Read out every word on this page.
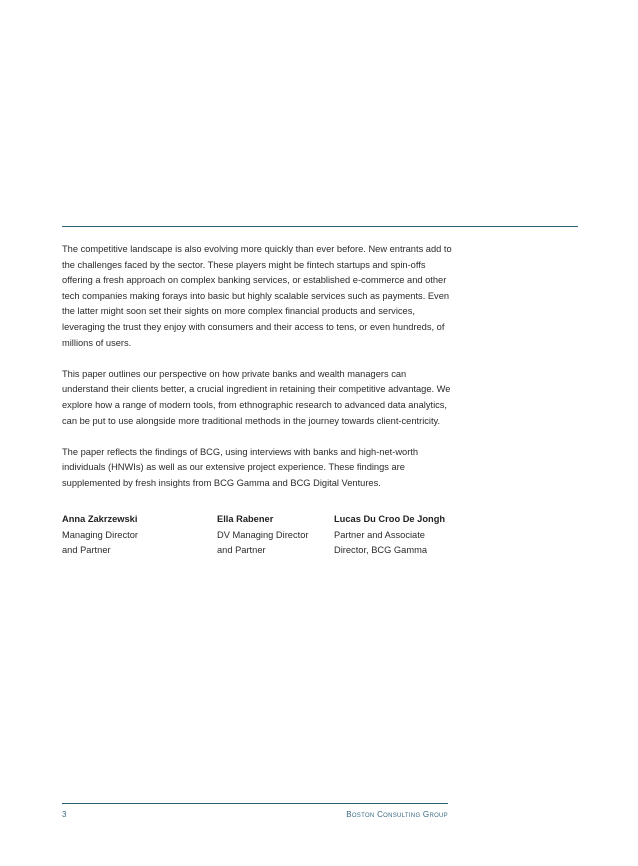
The competitive landscape is also evolving more quickly than ever before. New entrants add to the challenges faced by the sector. These players might be fintech startups and spin-offs offering a fresh approach on complex banking services, or established e-commerce and other tech companies making forays into basic but highly scalable services such as payments. Even the latter might soon set their sights on more complex financial products and services, leveraging the trust they enjoy with consumers and their access to tens, or even hundreds, of millions of users.

This paper outlines our perspective on how private banks and wealth managers can understand their clients better, a crucial ingredient in retaining their competitive advantage. We explore how a range of modern tools, from ethnographic research to advanced data analytics, can be put to use alongside more traditional methods in the journey towards client-centricity.

The paper reflects the findings of BCG, using interviews with banks and high-net-worth individuals (HNWIs) as well as our extensive project experience. These findings are supplemented by fresh insights from BCG Gamma and BCG Digital Ventures.

Anna Zakrzewski
Managing Director
and Partner
Ella Rabener
DV Managing Director
and Partner
Lucas Du Croo De Jongh
Partner and Associate
Director, BCG Gamma
3	Boston Consulting Group
